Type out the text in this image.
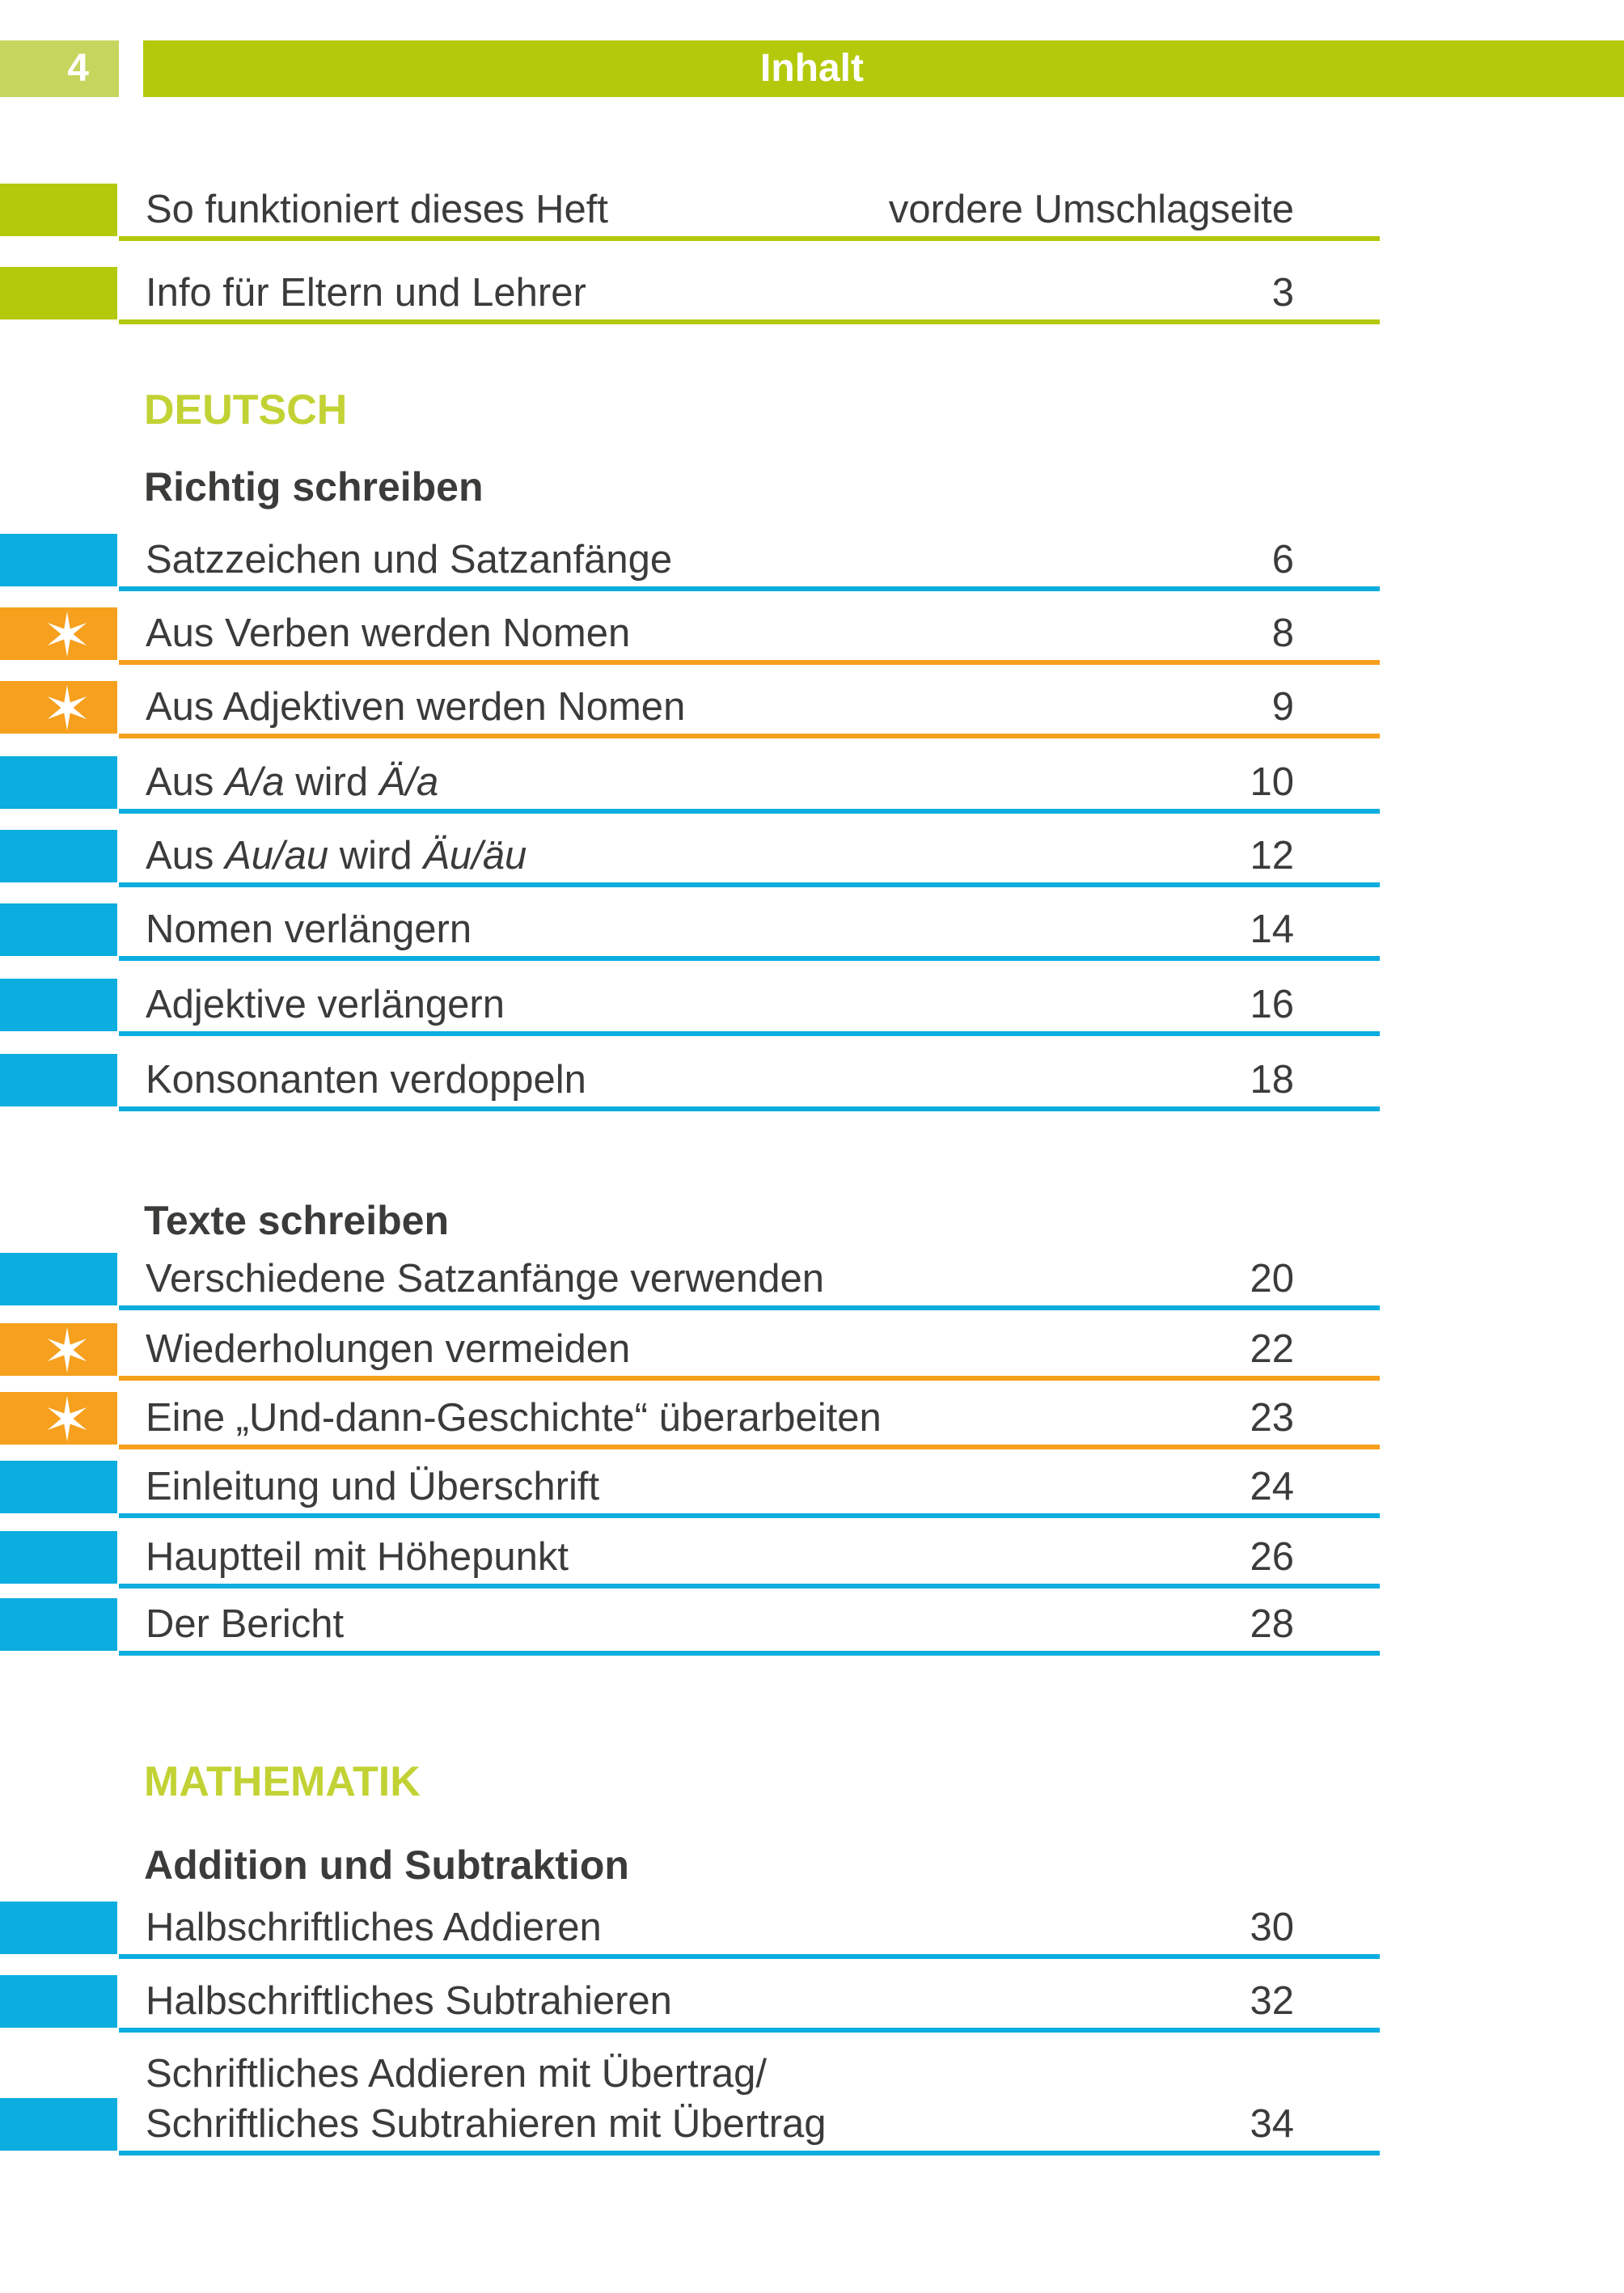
4	Inhalt
So funktioniert dieses Heft	vordere Umschlagseite
Info für Eltern und Lehrer	3
DEUTSCH
Richtig schreiben
Satzzeichen und Satzanfänge	6
Aus Verben werden Nomen	8
Aus Adjektiven werden Nomen	9
Aus A/a wird Ä/a	10
Aus Au/au wird Äu/äu	12
Nomen verlängern	14
Adjektive verlängern	16
Konsonanten verdoppeln	18
Texte schreiben
Verschiedene Satzanfänge verwenden	20
Wiederholungen vermeiden	22
Eine „Und-dann-Geschichte“ überarbeiten	23
Einleitung und Überschrift	24
Hauptteil mit Höhepunkt	26
Der Bericht	28
MATHEMATIK
Addition und Subtraktion
Halbschriftliches Addieren	30
Halbschriftliches Subtrahieren	32
Schriftliches Addieren mit Übertrag/
Schriftliches Subtrahieren mit Übertrag	34
